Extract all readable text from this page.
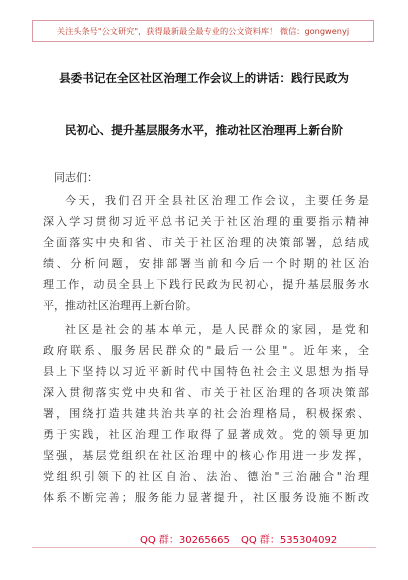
关注头条号"公文研究"，获得最新最全最专业的公文资料库！ 微信：gongwenyj
县委书记在全区社区治理工作会议上的讲话：践行民政为
民初心、提升基层服务水平，推动社区治理再上新台阶
同志们：
今天，我们召开全县社区治理工作会议，主要任务是
深入学习贯彻习近平总书记关于社区治理的重要指示精神
全面落实中央和省、市关于社区治理的决策部署，总结成
绩、分析问题，安排部署当前和今后一个时期的社区治
理工作，动员全县上下践行民政为民初心，提升基层服务水
平，推动社区治理再上新台阶。
社区是社会的基本单元，是人民群众的家园，是党和
政府联系、服务居民群众的"最后一公里"。近年来，全
县上下坚持以习近平新时代中国特色社会主义思想为指导
深入贯彻落实党中央和省、市关于社区治理的各项决策部
署，围绕打造共建共治共享的社会治理格局，积极探索、
勇于实践，社区治理工作取得了显著成效。党的领导更加
坚强，基层党组织在社区治理中的核心作用进一步发挥，
党组织引领下的社区自治、法治、德治"三治融合"治理
体系不断完善；服务能力显著提升，社区服务设施不断改
QQ 群：30265665 QQ 群：535304092
